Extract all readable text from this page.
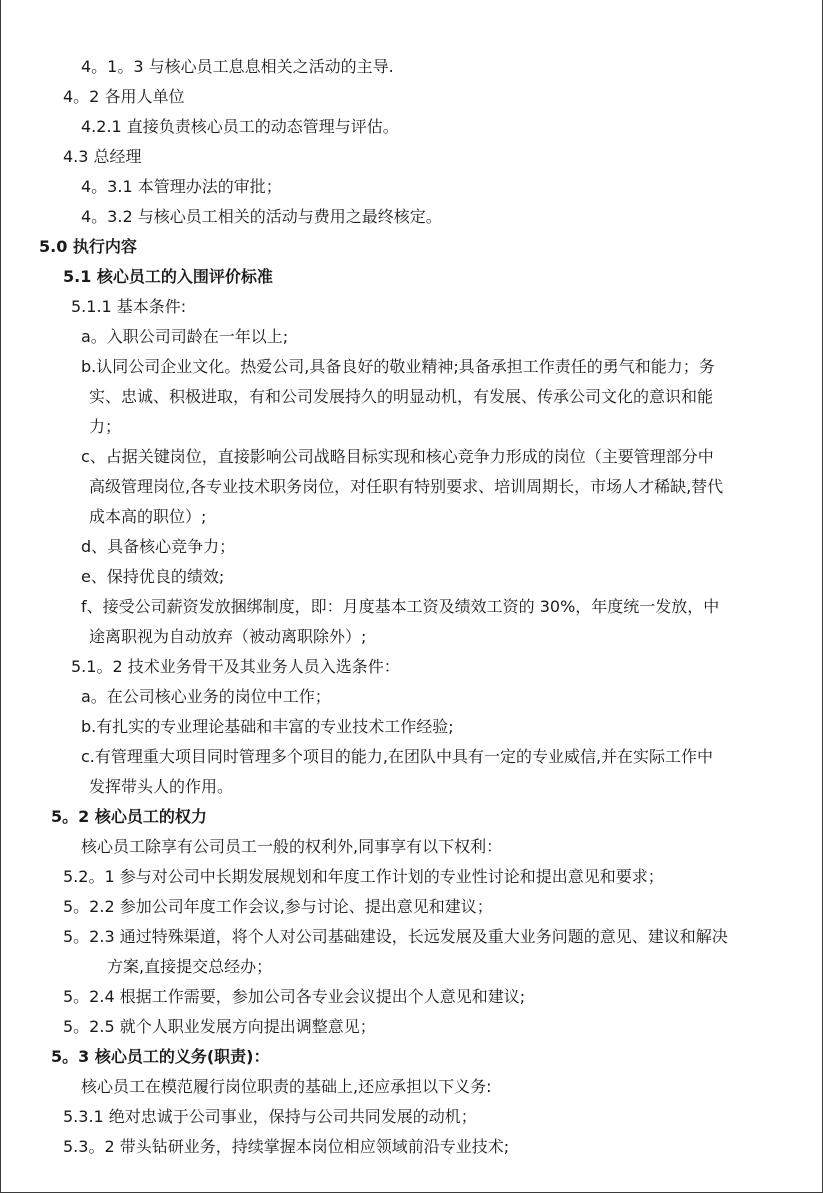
4。1。3 与核心员工息息相关之活动的主导.
4。2 各用人单位
4.2.1 直接负责核心员工的动态管理与评估。
4.3 总经理
4。3.1 本管理办法的审批；
4。3.2 与核心员工相关的活动与费用之最终核定。
5.0 执行内容
5.1 核心员工的入围评价标准
5.1.1 基本条件:
a。入职公司司龄在一年以上;
b.认同公司企业文化。热爱公司,具备良好的敬业精神;具备承担工作责任的勇气和能力；务
实、忠诚、积极进取，有和公司发展持久的明显动机，有发展、传承公司文化的意识和能
力；
c、占据关键岗位，直接影响公司战略目标实现和核心竞争力形成的岗位（主要管理部分中
高级管理岗位,各专业技术职务岗位，对任职有特别要求、培训周期长，市场人才稀缺,替代
成本高的职位）;
d、具备核心竞争力；
e、保持优良的绩效;
f、接受公司薪资发放捆绑制度，即：月度基本工资及绩效工资的 30%，年度统一发放，中
途离职视为自动放弃（被动离职除外）;
5.1。2 技术业务骨干及其业务人员入选条件：
a。在公司核心业务的岗位中工作；
b.有扎实的专业理论基础和丰富的专业技术工作经验;
c.有管理重大项目同时管理多个项目的能力,在团队中具有一定的专业威信,并在实际工作中
发挥带头人的作用。
5。2 核心员工的权力
核心员工除享有公司员工一般的权利外,同事享有以下权利：
5.2。1 参与对公司中长期发展规划和年度工作计划的专业性讨论和提出意见和要求；
5。2.2 参加公司年度工作会议,参与讨论、提出意见和建议；
5。2.3 通过特殊渠道，将个人对公司基础建设，长远发展及重大业务问题的意见、建议和解决
方案,直接提交总经办；
5。2.4 根据工作需要，参加公司各专业会议提出个人意见和建议;
5。2.5 就个人职业发展方向提出调整意见；
5。3 核心员工的义务(职责)：
核心员工在模范履行岗位职责的基础上,还应承担以下义务:
5.3.1 绝对忠诚于公司事业，保持与公司共同发展的动机；
5.3。2 带头钻研业务，持续掌握本岗位相应领域前沿专业技术;
